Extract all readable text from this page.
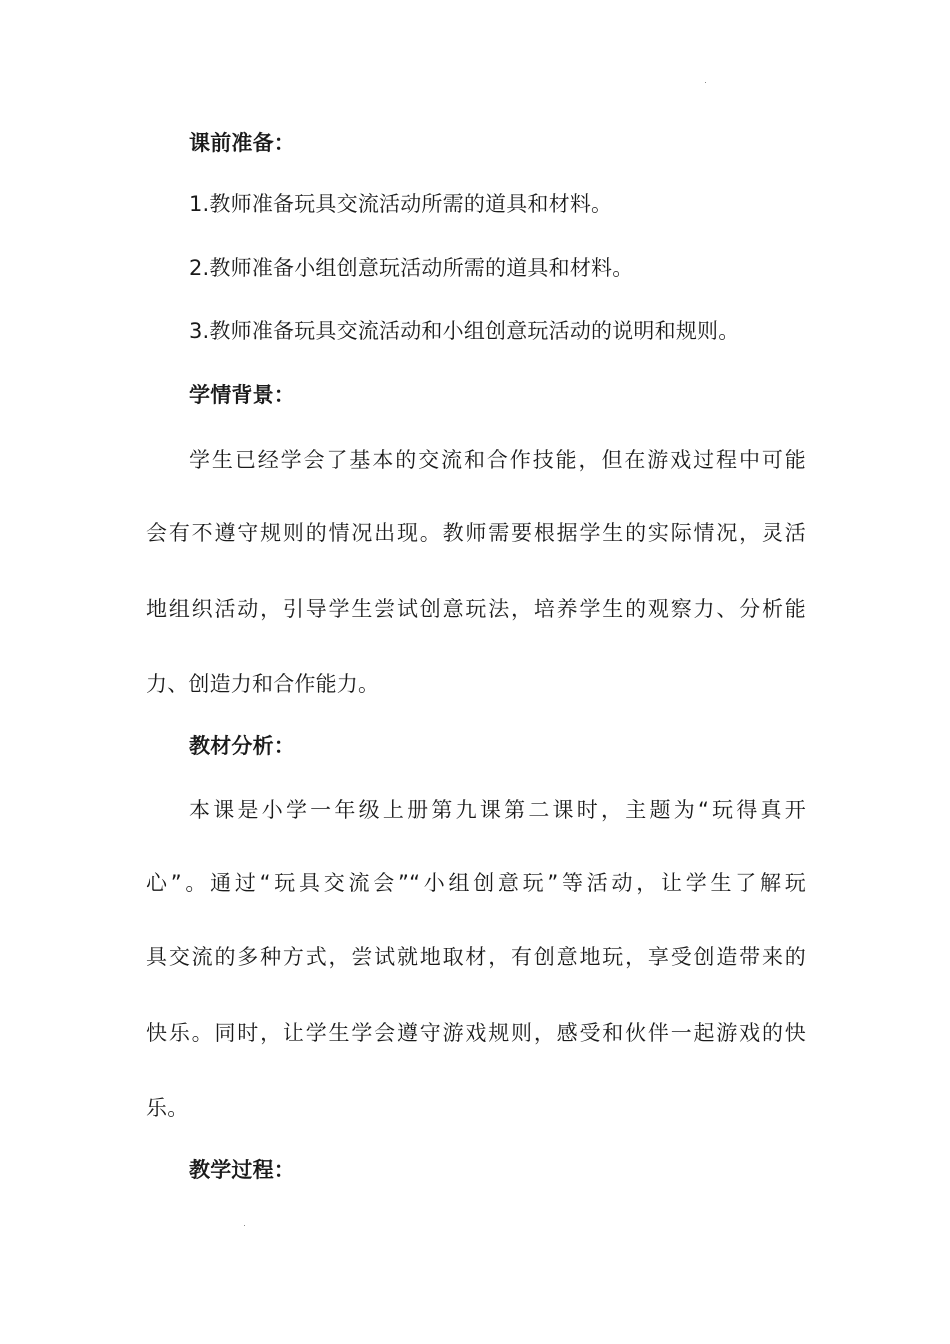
课前准备：
1.教师准备玩具交流活动所需的道具和材料。
2.教师准备小组创意玩活动所需的道具和材料。
3.教师准备玩具交流活动和小组创意玩活动的说明和规则。
学情背景：
学生已经学会了基本的交流和合作技能，但在游戏过程中可能
会有不遵守规则的情况出现。教师需要根据学生的实际情况，灵活
地组织活动，引导学生尝试创意玩法，培养学生的观察力、分析能
力、创造力和合作能力。
教材分析：
本课是小学一年级上册第九课第二课时，主题为“玩得真开
心”。通过“玩具交流会”“小组创意玩”等活动，让学生了解玩
具交流的多种方式，尝试就地取材，有创意地玩，享受创造带来的
快乐。同时，让学生学会遵守游戏规则，感受和伙伴一起游戏的快
乐。
教学过程：
